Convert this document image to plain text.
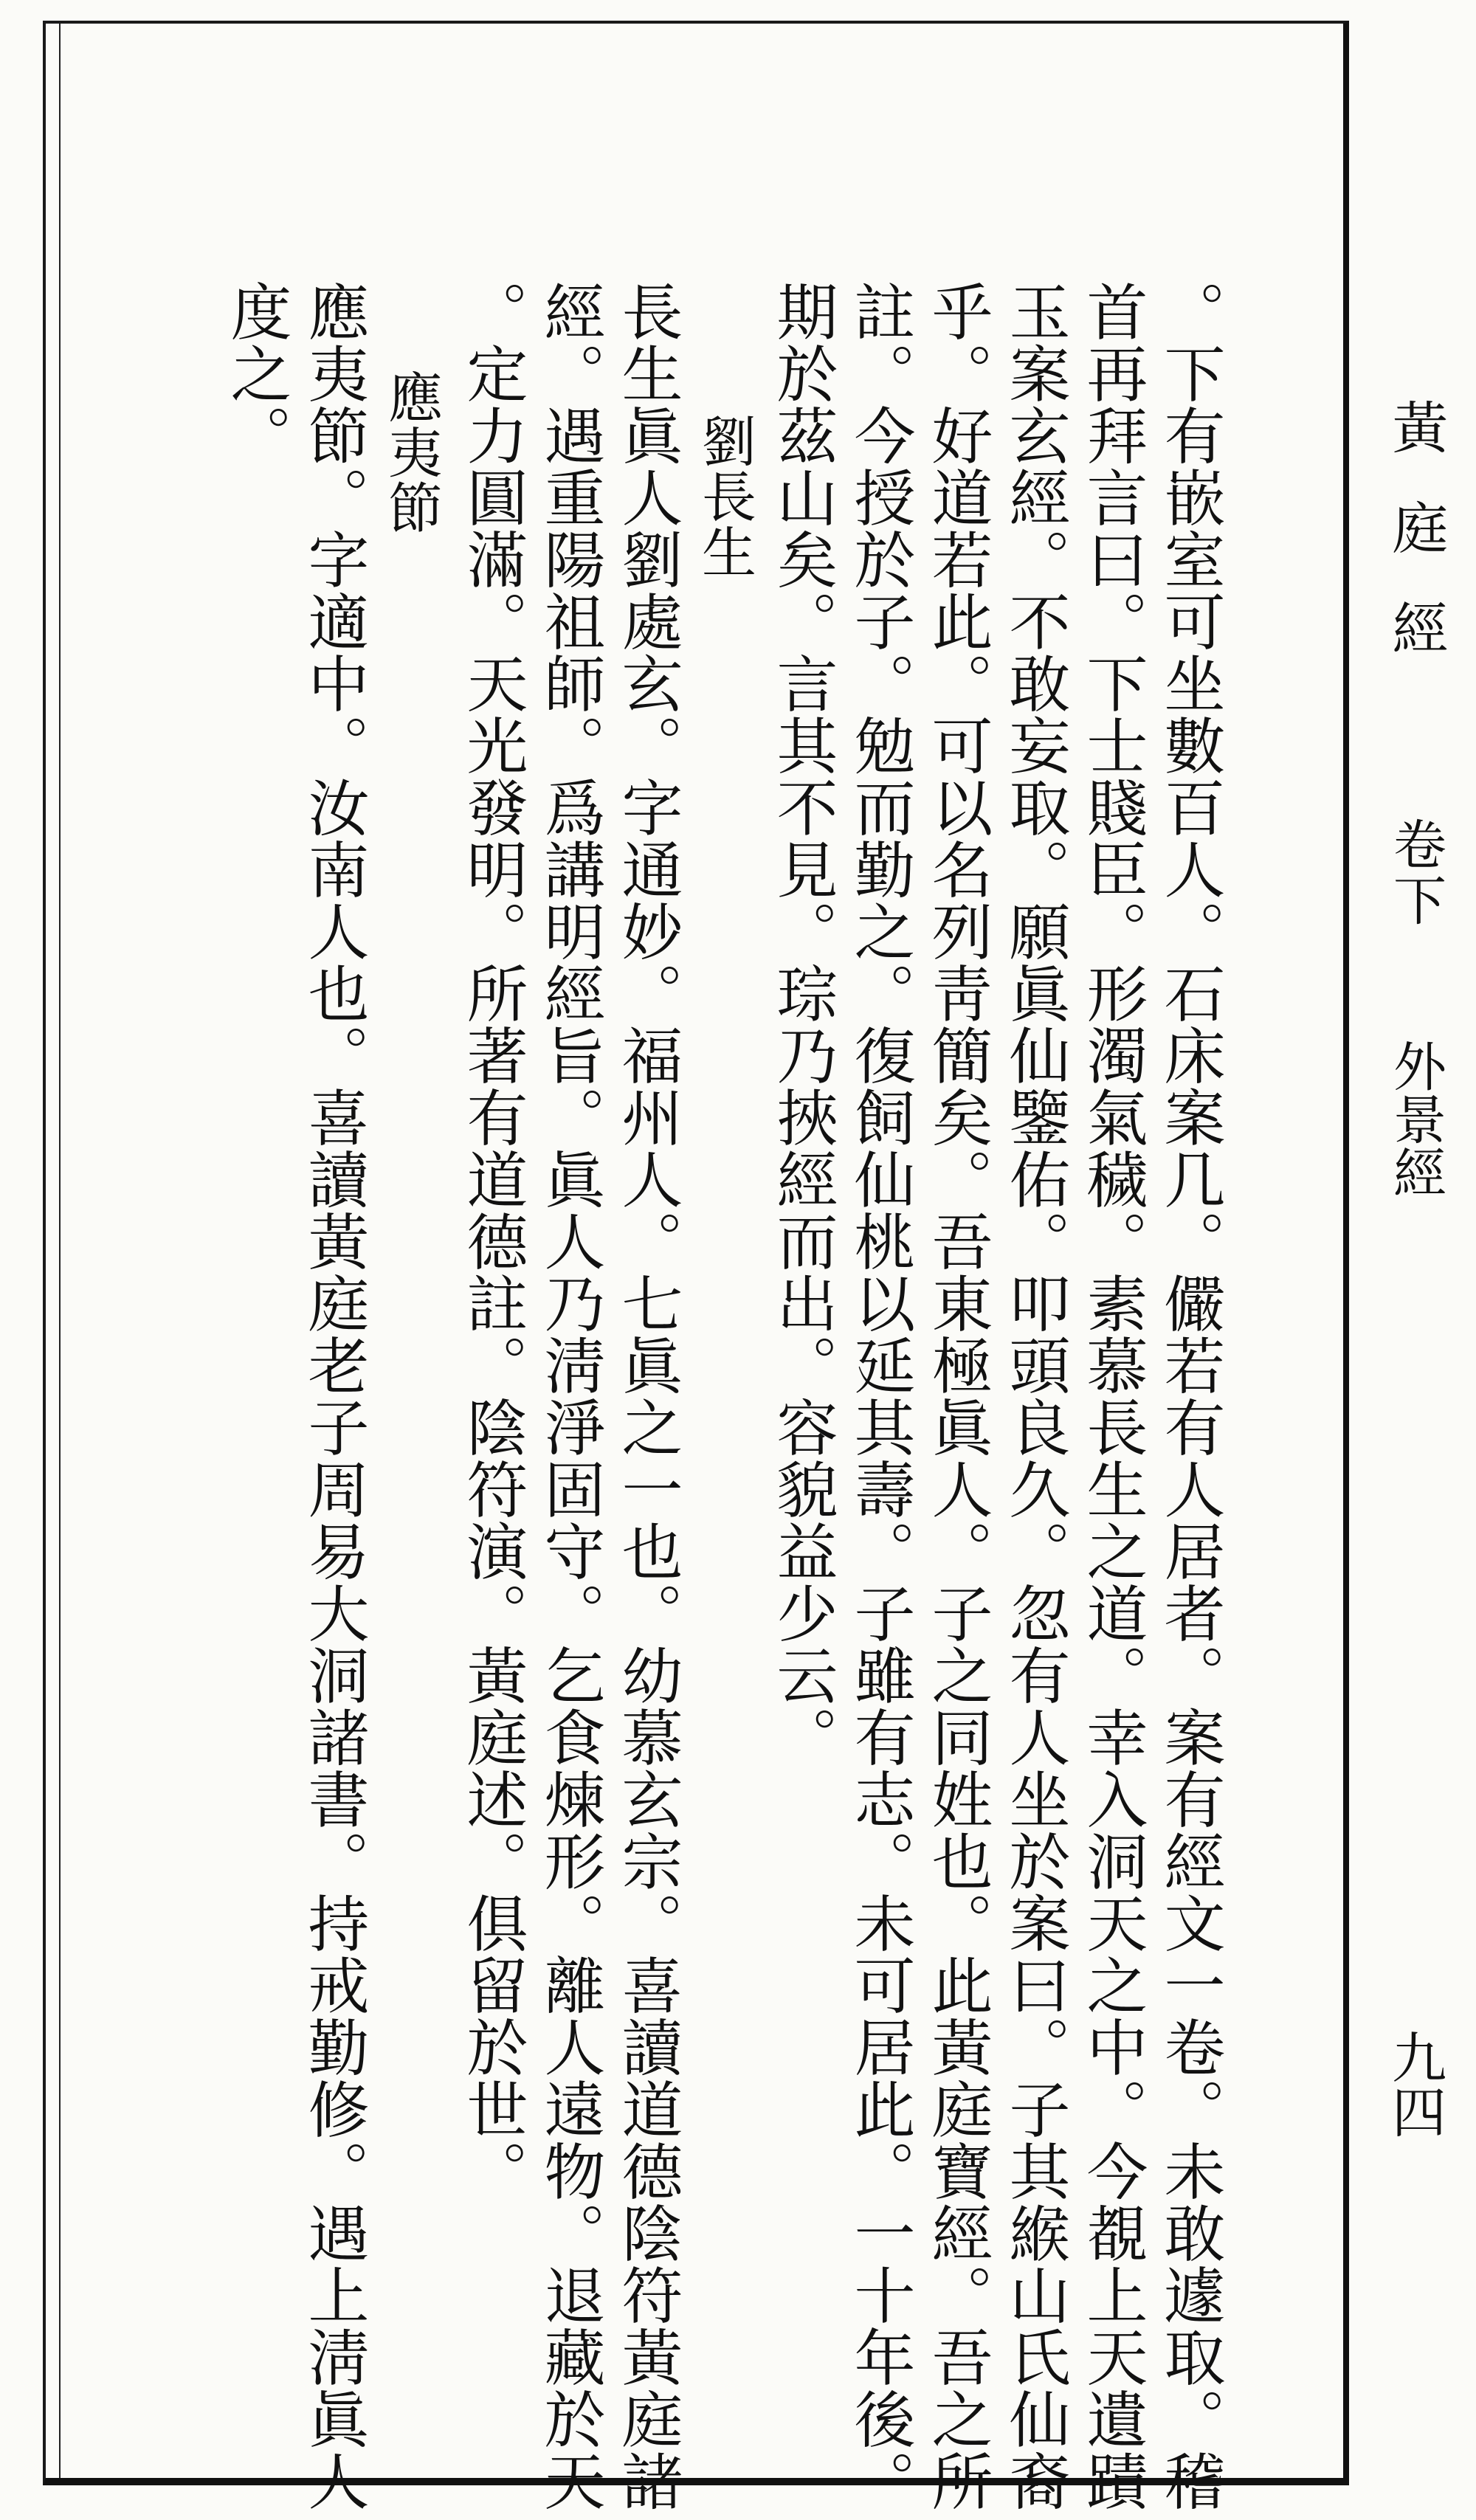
黃庭經 卷下 外景經
九四
。下有嵌室可坐數百人。石床案几。儼若有人居者。案有經文一卷。未敢遽取。稽
首再拜言曰。下士賤臣。形濁氣穢。素慕長生之道。幸入洞天之中。今覩上天遺蹟
玉案玄經。不敢妄取。願眞仙鑒佑。叩頭良久。忽有人坐於案曰。子其緱山氏仙裔
乎。好道若此。可以名列靑簡矣。吾東極眞人。子之同姓也。此黃庭寶經。吾之所
註。今授於子。勉而勤之。復飼仙桃以延其壽。子雖有志。未可居此。一十年後。
期於茲山矣。言其不見。琮乃挾經而出。容貌益少云。
劉長生
長生眞人劉處玄。字通妙。福州人。七眞之一也。幼慕玄宗。喜讀道德陰符黃庭諸
經。遇重陽祖師。爲講明經旨。眞人乃淸淨固守。乞食煉形。離人遠物。退藏於天
。定力圓滿。天光發明。所著有道德註。陰符演。黃庭述。俱留於世。
應夷節
應夷節。字適中。汝南人也。喜讀黃庭老子周易大洞諸書。持戒勤修。遇上淸眞人
度之。
